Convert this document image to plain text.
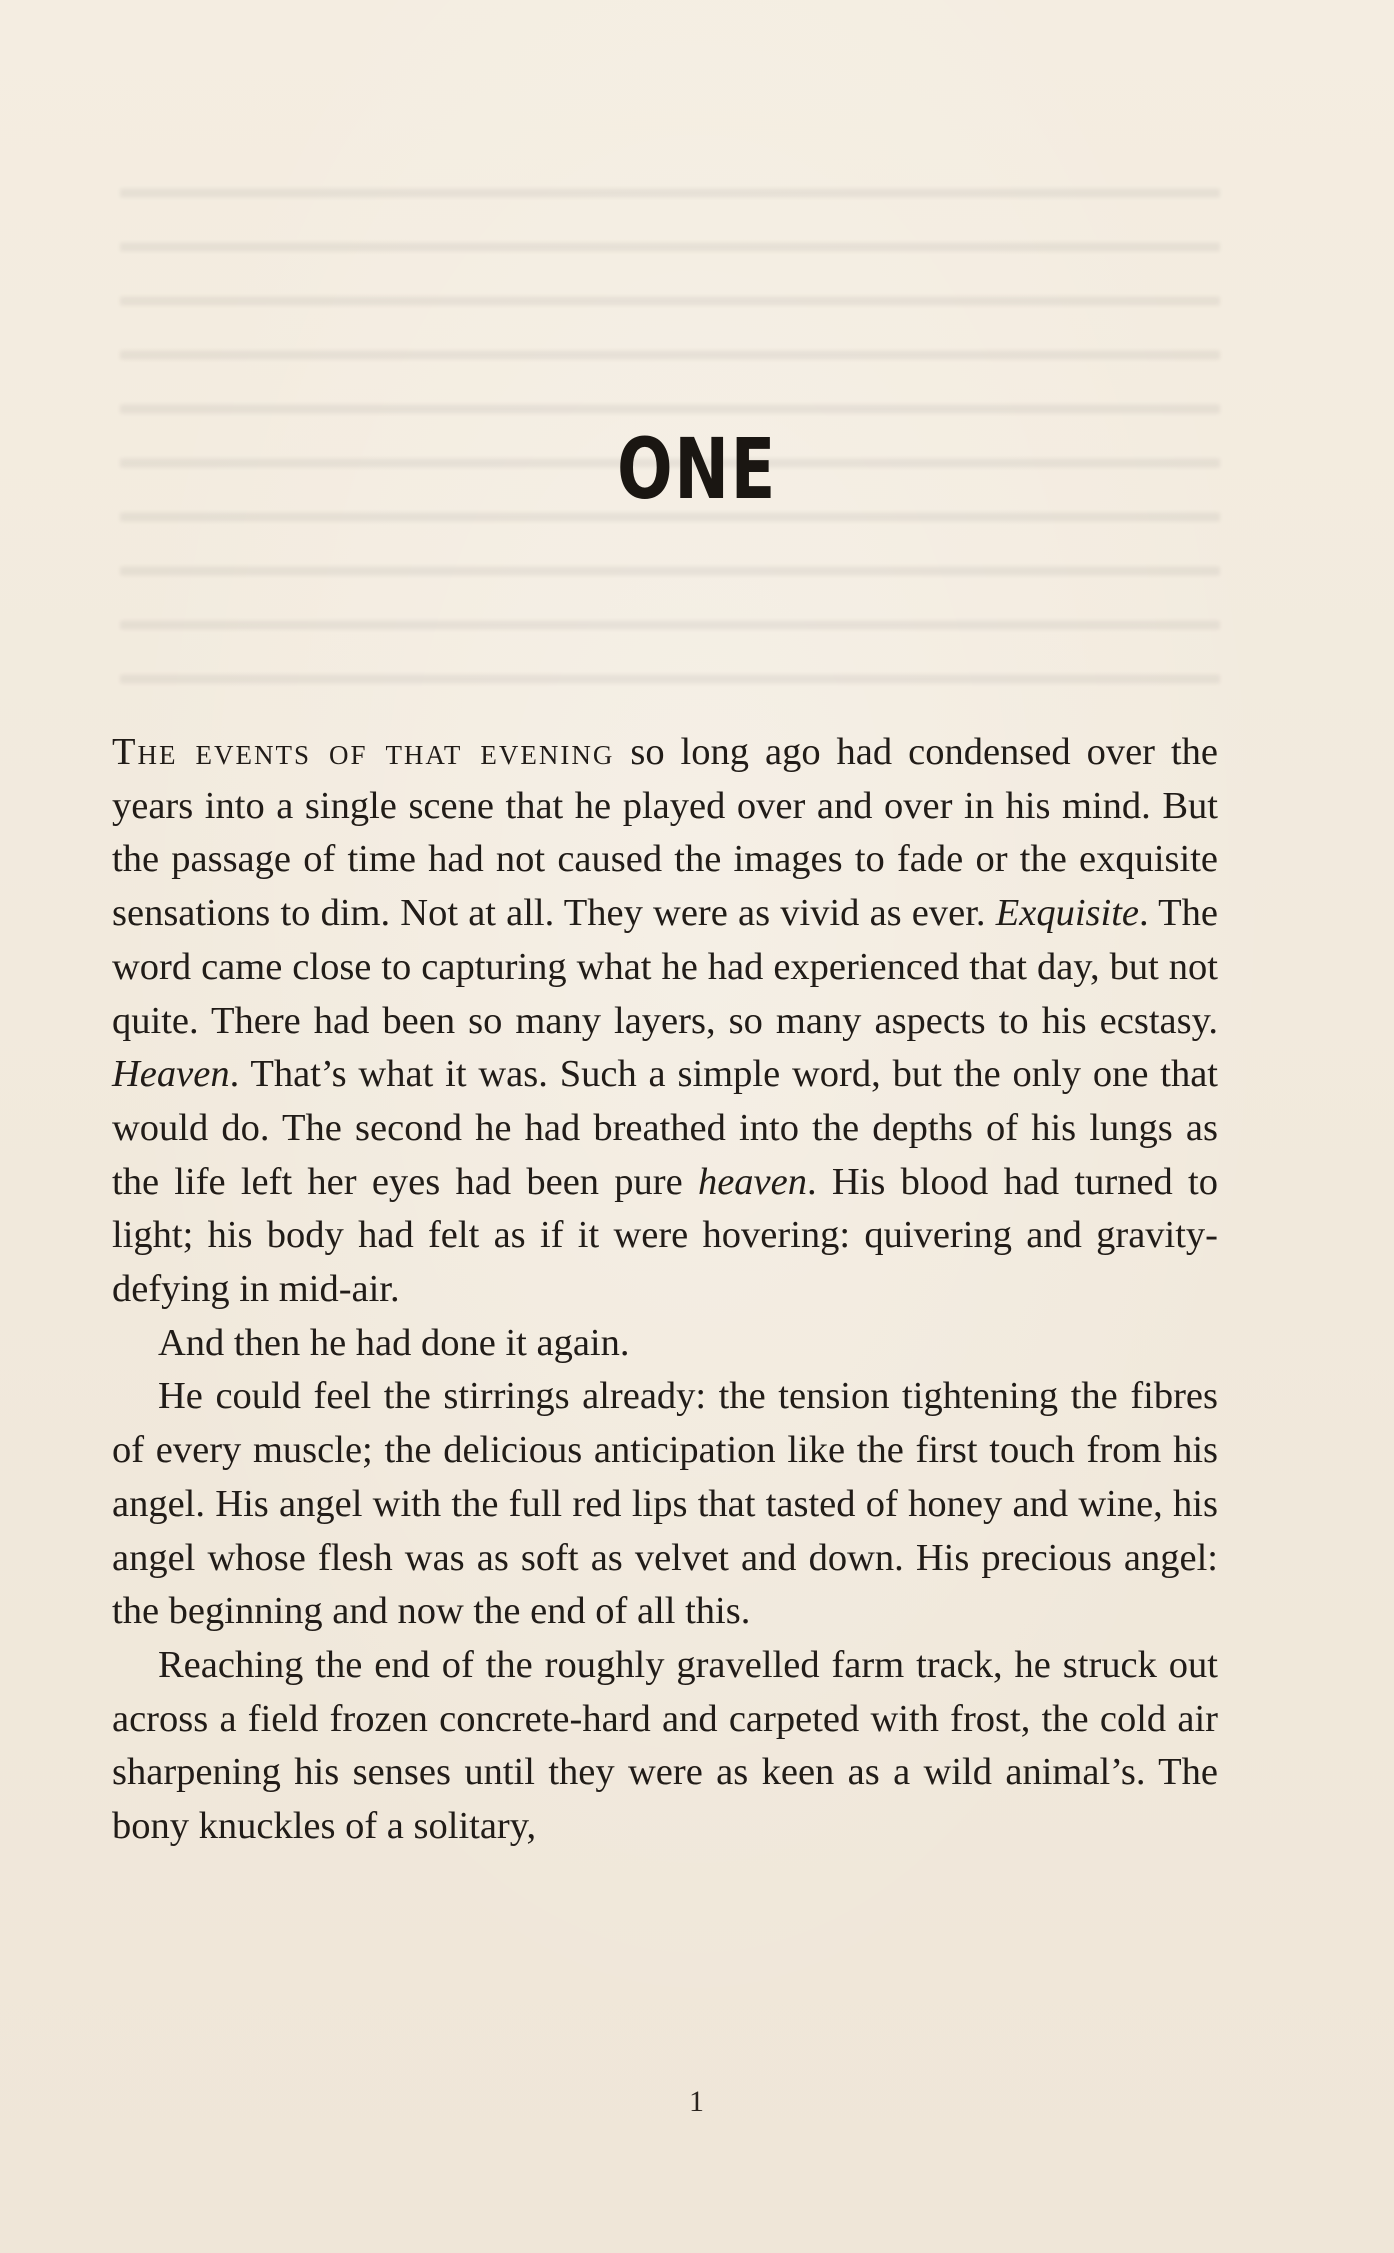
ONE

The events of that evening so long ago had condensed over the years into a single scene that he played over and over in his mind. But the passage of time had not caused the images to fade or the exquisite sensations to dim. Not at all. They were as vivid as ever. Exquisite. The word came close to capturing what he had experienced that day, but not quite. There had been so many layers, so many aspects to his ecstasy. Heaven. That’s what it was. Such a simple word, but the only one that would do. The second he had breathed into the depths of his lungs as the life left her eyes had been pure heaven. His blood had turned to light; his body had felt as if it were hovering: quivering and gravity-defying in mid-air.

And then he had done it again.

He could feel the stirrings already: the tension tightening the fibres of every muscle; the delicious anticipation like the first touch from his angel. His angel with the full red lips that tasted of honey and wine, his angel whose flesh was as soft as velvet and down. His precious angel: the beginning and now the end of all this.

Reaching the end of the roughly gravelled farm track, he struck out across a field frozen concrete-hard and carpeted with frost, the cold air sharpening his senses until they were as keen as a wild animal’s. The bony knuckles of a solitary,

1
